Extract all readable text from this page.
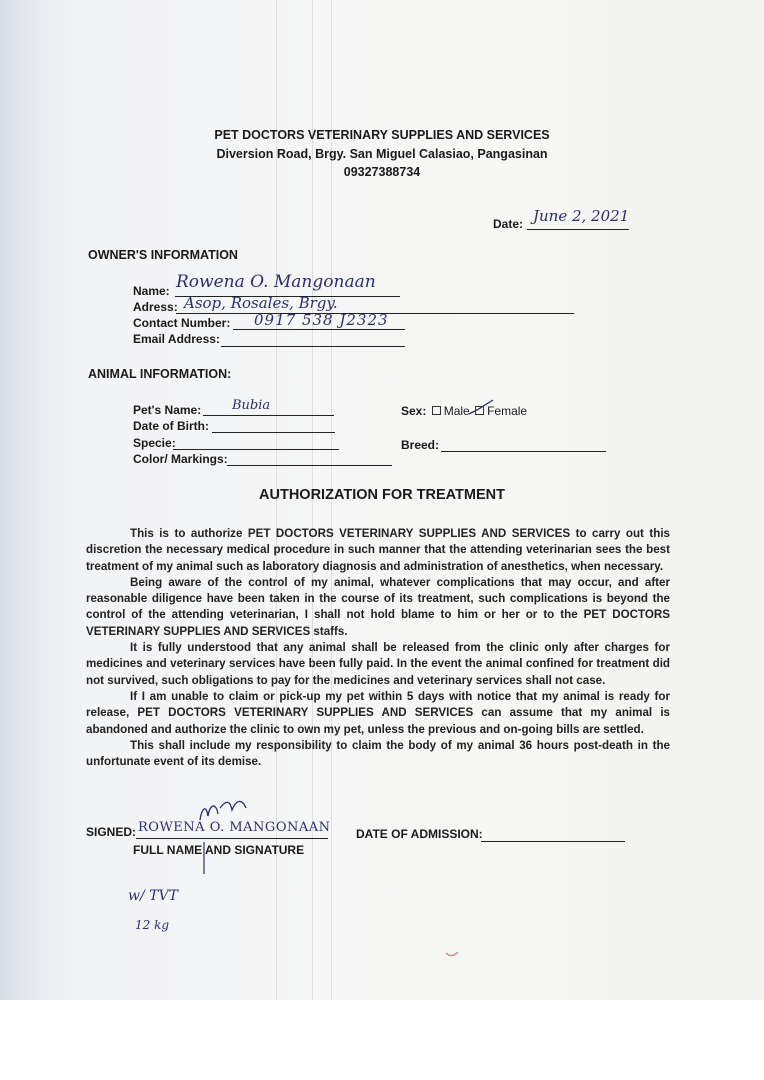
PET DOCTORS VETERINARY SUPPLIES AND SERVICES
Diversion Road, Brgy. San Miguel Calasiao, Pangasinan
09327388734
Date: June 2, 2021
OWNER'S INFORMATION
Name: Rowena O. Mangonaan
Adress: Asop, Rosales, Brgy.
Contact Number: 0917 538 J2323
Email Address:
ANIMAL INFORMATION:
Pet's Name: Bubia
Date of Birth:
Specie:
Color/ Markings:
Sex: Male Female
Breed:
AUTHORIZATION FOR TREATMENT

This is to authorize PET DOCTORS VETERINARY SUPPLIES AND SERVICES to carry out this discretion the necessary medical procedure in such manner that the attending veterinarian sees the best treatment of my animal such as laboratory diagnosis and administration of anesthetics, when necessary.

Being aware of the control of my animal, whatever complications that may occur, and after reasonable diligence have been taken in the course of its treatment, such complications is beyond the control of the attending veterinarian, I shall not hold blame to him or her or to the PET DOCTORS VETERINARY SUPPLIES AND SERVICES staffs.

It is fully understood that any animal shall be released from the clinic only after charges for medicines and veterinary services have been fully paid. In the event the animal confined for treatment did not survived, such obligations to pay for the medicines and veterinary services shall not case.

If I am unable to claim or pick-up my pet within 5 days with notice that my animal is ready for release, PET DOCTORS VETERINARY SUPPLIES AND SERVICES can assume that my animal is abandoned and authorize the clinic to own my pet, unless the previous and on-going bills are settled.

This shall include my responsibility to claim the body of my animal 36 hours post-death in the unfortunate event of its demise.

SIGNED: ROWENA O. MANGONAAN
FULL NAME AND SIGNATURE
DATE OF ADMISSION:
w/ TVT
12 kg
